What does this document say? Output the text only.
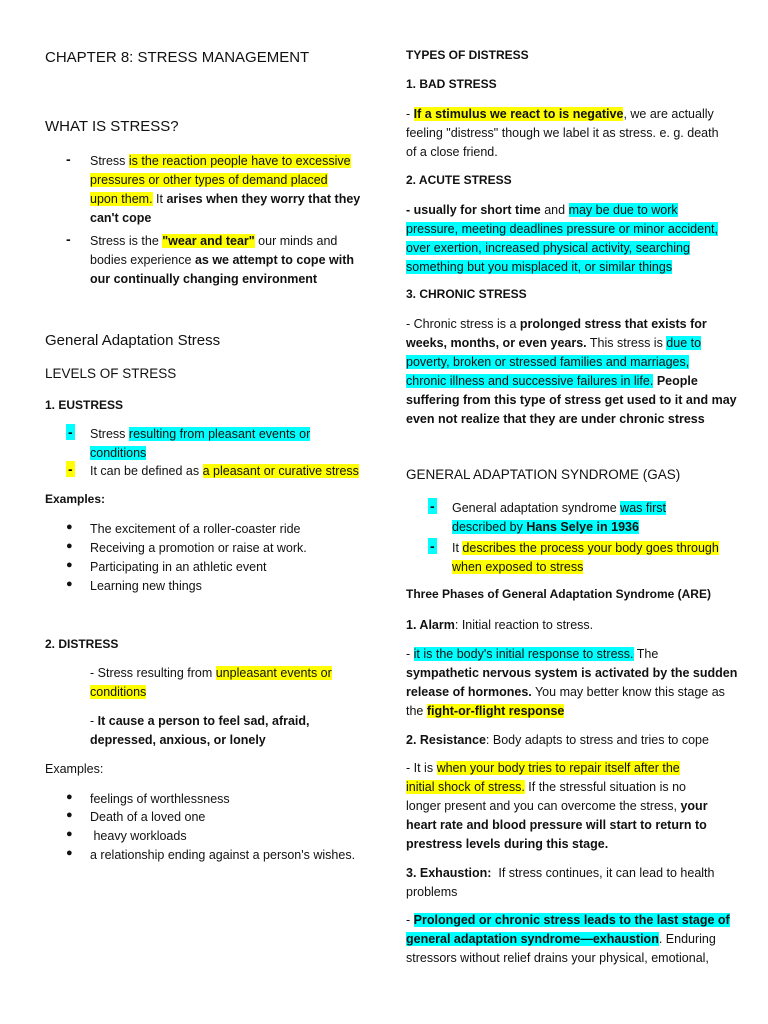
CHAPTER 8: STRESS MANAGEMENT
WHAT IS STRESS?
- Stress is the reaction people have to excessive
pressures or other types of demand placed
upon them. It arises when they worry that they
can't cope
- Stress is the "wear and tear" our minds and
bodies experience as we attempt to cope with
our continually changing environment
General Adaptation Stress
LEVELS OF STRESS
1. EUSTRESS
- Stress resulting from pleasant events or
conditions
- It can be defined as a pleasant or curative stress
Examples:
● The excitement of a roller-coaster ride
● Receiving a promotion or raise at work.
● Participating in an athletic event
● Learning new things
2. DISTRESS
- Stress resulting from unpleasant events or
conditions
- It cause a person to feel sad, afraid,
depressed, anxious, or lonely
Examples:
● feelings of worthlessness
● Death of a loved one
● heavy workloads
● a relationship ending against a person's wishes.
TYPES OF DISTRESS
1. BAD STRESS
- If a stimulus we react to is negative, we are actually
feeling "distress" though we label it as stress. e. g. death
of a close friend.
2. ACUTE STRESS
- usually for short time and may be due to work
pressure, meeting deadlines pressure or minor accident,
over exertion, increased physical activity, searching
something but you misplaced it, or similar things
3. CHRONIC STRESS
- Chronic stress is a prolonged stress that exists for
weeks, months, or even years. This stress is due to
poverty, broken or stressed families and marriages,
chronic illness and successive failures in life. People
suffering from this type of stress get used to it and may
even not realize that they are under chronic stress
GENERAL ADAPTATION SYNDROME (GAS)
- General adaptation syndrome was first
described by Hans Selye in 1936
- It describes the process your body goes through
when exposed to stress
Three Phases of General Adaptation Syndrome (ARE)
1. Alarm: Initial reaction to stress.
- it is the body's initial response to stress. The
sympathetic nervous system is activated by the sudden
release of hormones. You may better know this stage as
the fight-or-flight response
2. Resistance: Body adapts to stress and tries to cope
- It is when your body tries to repair itself after the
initial shock of stress. If the stressful situation is no
longer present and you can overcome the stress, your
heart rate and blood pressure will start to return to
prestress levels during this stage.
3. Exhaustion:  If stress continues, it can lead to health
problems
- Prolonged or chronic stress leads to the last stage of
general adaptation syndrome—exhaustion. Enduring
stressors without relief drains your physical, emotional,
